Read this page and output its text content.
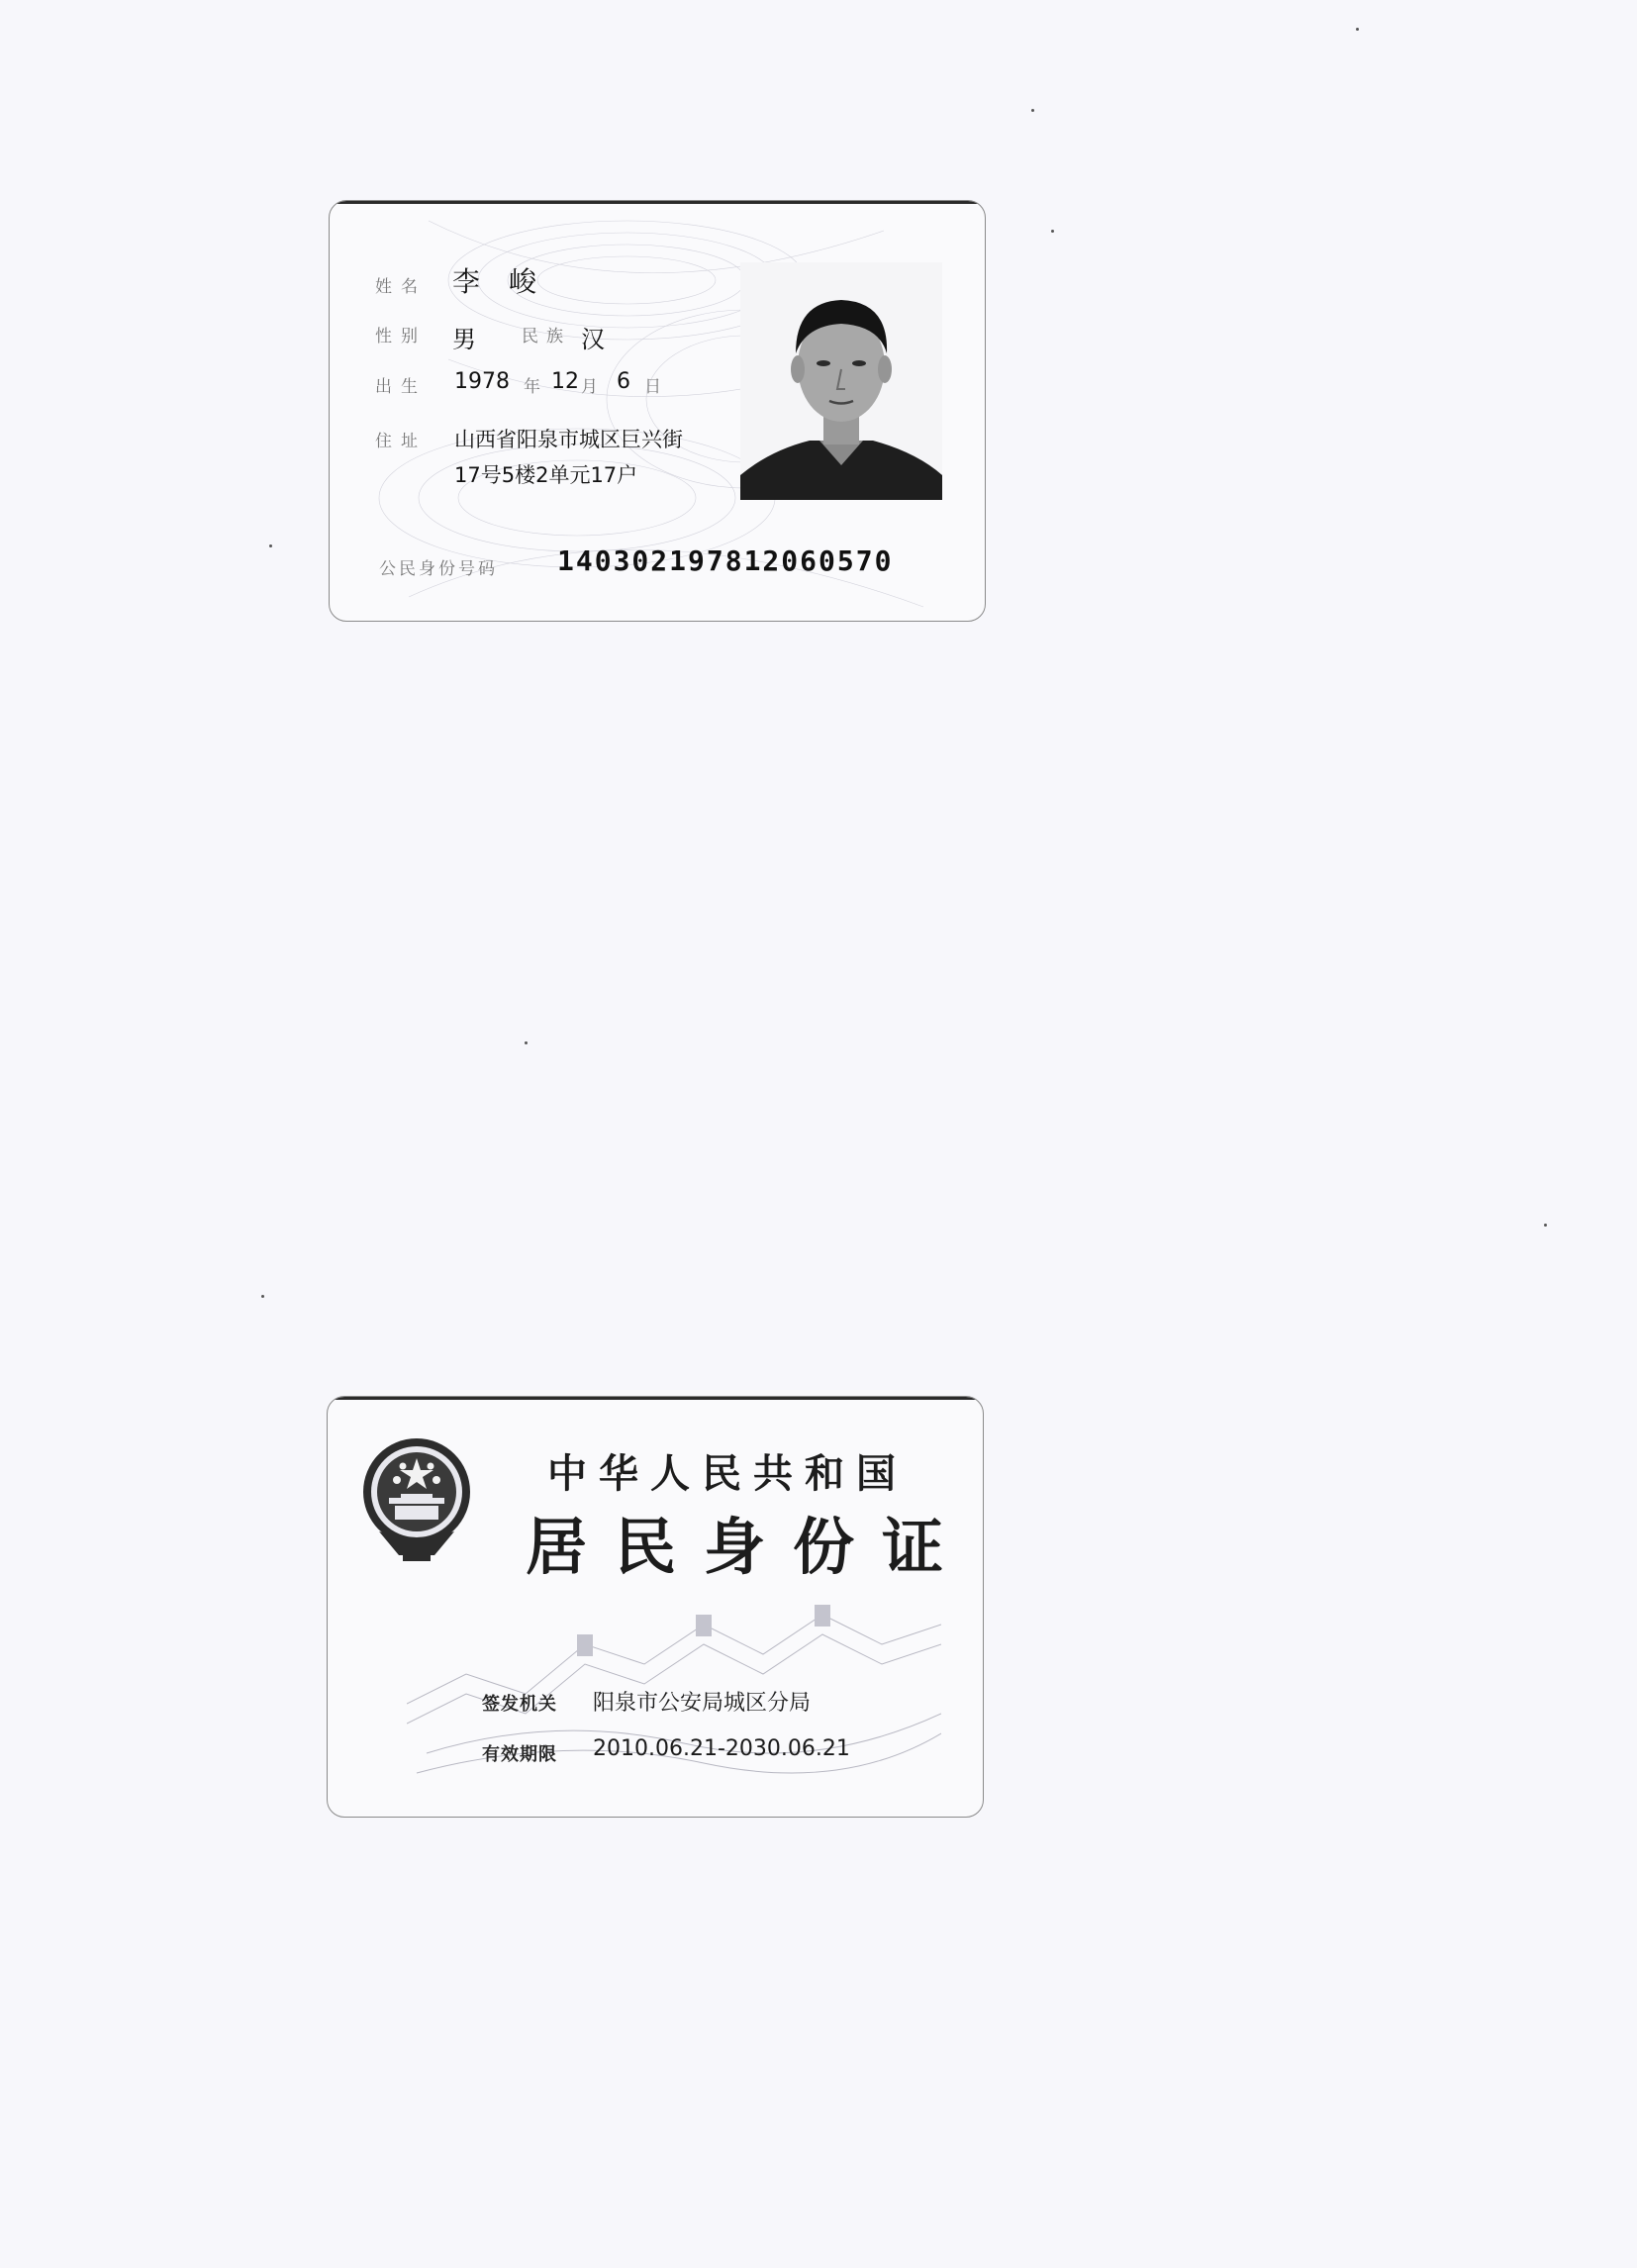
姓名 李 峻
性别 男	民族 汉
出生 1978 年 12 月 6 日
住址 山西省阳泉市城区巨兴街
17号5楼2单元17户
公民身份号码 140302197812060570
中华人民共和国
居民身份证
签发机关 阳泉市公安局城区分局
有效期限 2010.06.21-2030.06.21
